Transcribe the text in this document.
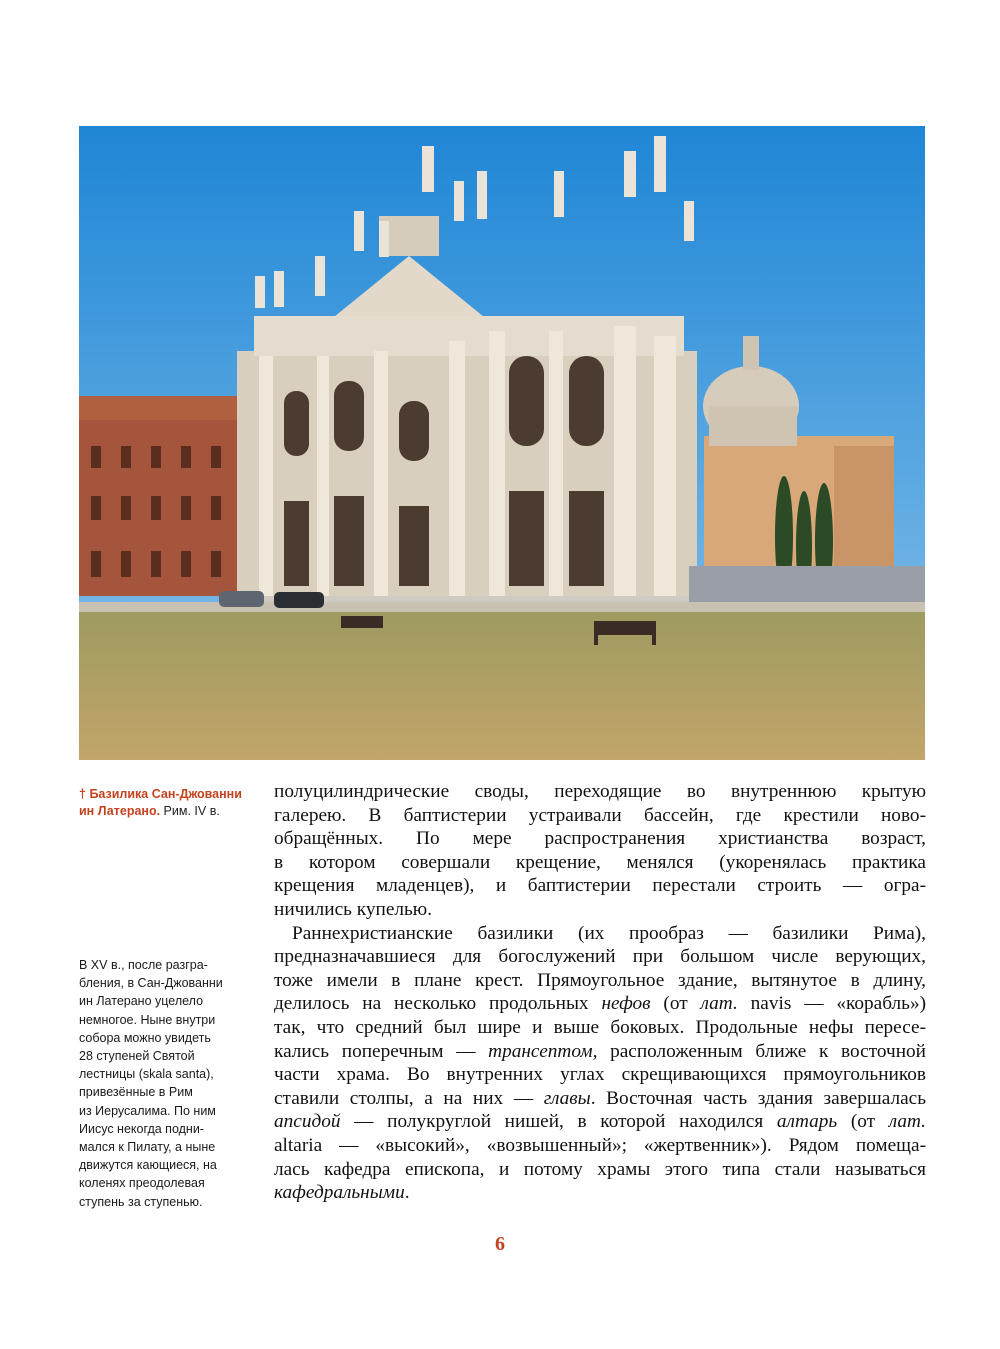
† Базилика Сан-Джованни ин Латерано. Рим. IV в.
В XV в., после разгра-
бления, в Сан-Джованни
ин Латерано уцелело
немногое. Ныне внутри
собора можно увидеть
28 ступеней Святой
лестницы (skala santa),
привезённые в Рим
из Иерусалима. По ним
Иисус некогда подни-
мался к Пилату, а ныне
движутся кающиеся, на
коленях преодолевая
ступень за ступенью.
полуцилиндрические своды, переходящие во внутреннюю крытую
галерею. В баптистерии устраивали бассейн, где крестили ново-
обращённых. По мере распространения христианства возраст,
в котором совершали крещение, менялся (укоренялась практика
крещения младенцев), и баптистерии перестали строить — огра-
ничились купелью.
Раннехристианские базилики (их прообраз — базилики Рима),
предназначавшиеся для богослужений при большом числе верующих,
тоже имели в плане крест. Прямоугольное здание, вытянутое в длину,
делилось на несколько продольных нефов (от лат. navis — «корабль»)
так, что средний был шире и выше боковых. Продольные нефы пересе-
кались поперечным — трансептом, расположенным ближе к восточной
части храма. Во внутренних углах скрещивающихся прямоугольников
ставили столпы, а на них — главы. Восточная часть здания завершалась
апсидой — полукруглой нишей, в которой находился алтарь (от лат.
altaria — «высокий», «возвышенный»; «жертвенник»). Рядом помеща-
лась кафедра епископа, и потому храмы этого типа стали называться
кафедральными.
6
